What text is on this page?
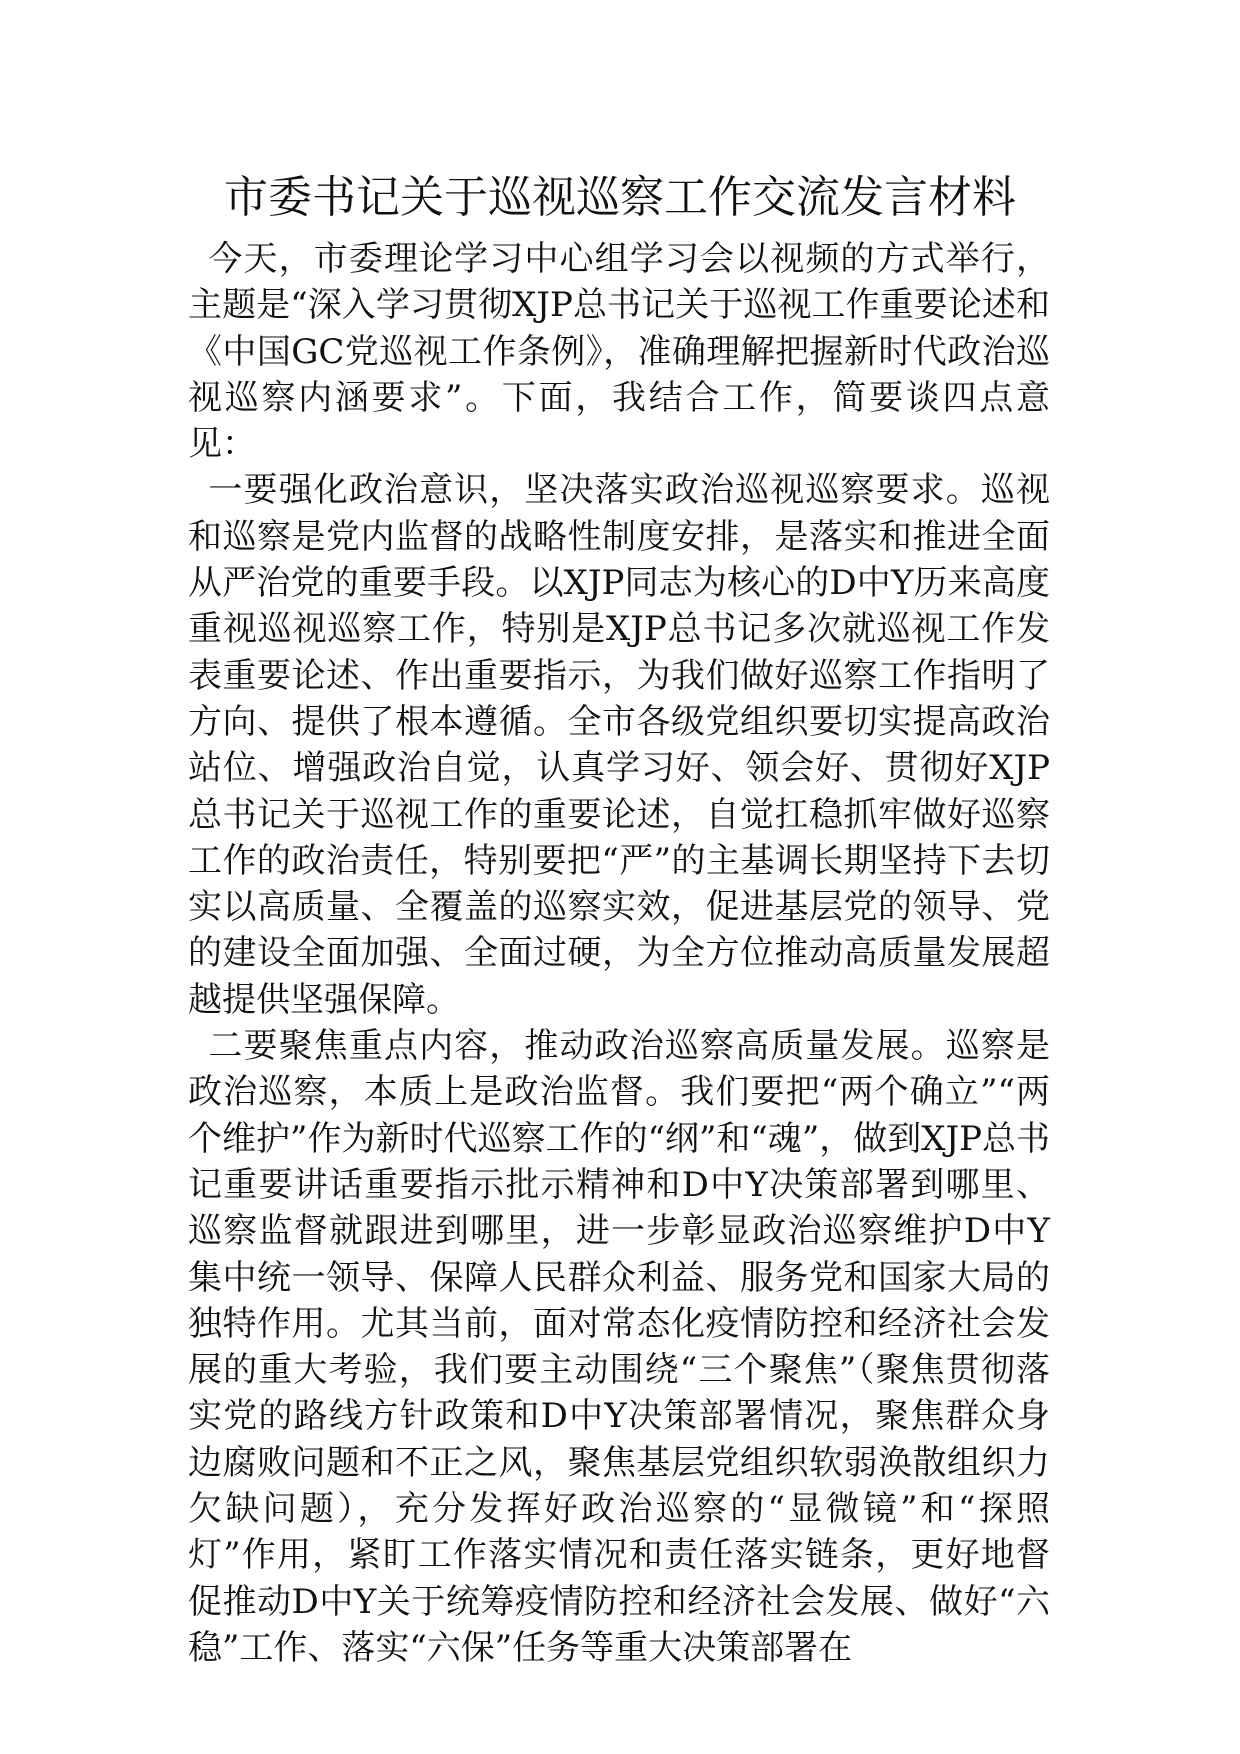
市委书记关于巡视巡察工作交流发言材料

今天，市委理论学习中心组学习会以视频的方式举行，主题是“深入学习贯彻XJP总书记关于巡视工作重要论述和《中国GC党巡视工作条例》，准确理解把握新时代政治巡视巡察内涵要求”。下面，我结合工作，简要谈四点意见：

一要强化政治意识，坚决落实政治巡视巡察要求。巡视和巡察是党内监督的战略性制度安排，是落实和推进全面从严治党的重要手段。以XJP同志为核心的D中Y历来高度重视巡视巡察工作，特别是XJP总书记多次就巡视工作发表重要论述、作出重要指示，为我们做好巡察工作指明了方向、提供了根本遵循。全市各级党组织要切实提高政治站位、增强政治自觉，认真学习好、领会好、贯彻好XJP总书记关于巡视工作的重要论述，自觉扛稳抓牢做好巡察工作的政治责任，特别要把“严”的主基调长期坚持下去切实以高质量、全覆盖的巡察实效，促进基层党的领导、党的建设全面加强、全面过硬，为全方位推动高质量发展超越提供坚强保障。

二要聚焦重点内容，推动政治巡察高质量发展。巡察是政治巡察，本质上是政治监督。我们要把“两个确立”“两个维护”作为新时代巡察工作的“纲”和“魂”，做到XJP总书记重要讲话重要指示批示精神和D中Y决策部署到哪里、巡察监督就跟进到哪里，进一步彰显政治巡察维护D中Y集中统一领导、保障人民群众利益、服务党和国家大局的独特作用。尤其当前，面对常态化疫情防控和经济社会发展的重大考验，我们要主动围绕“三个聚焦”（聚焦贯彻落实党的路线方针政策和D中Y决策部署情况，聚焦群众身边腐败问题和不正之风，聚焦基层党组织软弱涣散组织力欠缺问题），充分发挥好政治巡察的“显微镜”和“探照灯”作用，紧盯工作落实情况和责任落实链条，更好地督促推动D中Y关于统筹疫情防控和经济社会发展、做好“六稳”工作、落实“六保”任务等重大决策部署在
